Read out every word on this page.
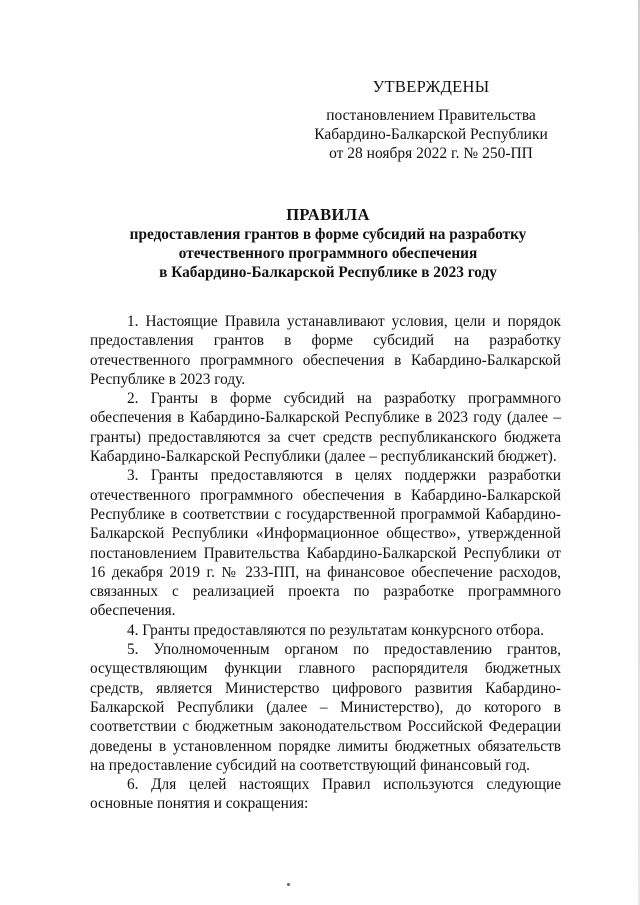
УТВЕРЖДЕНЫ
постановлением Правительства
Кабардино-Балкарской Республики
от 28 ноября 2022 г. № 250-ПП
ПРАВИЛА
предоставления грантов в форме субсидий на разработку
отечественного программного обеспечения
в Кабардино-Балкарской Республике в 2023 году

1. Настоящие Правила устанавливают условия, цели и порядок предоставления грантов в форме субсидий на разработку отечественного программного обеспечения в Кабардино-Балкарской Республике в 2023 году.

2. Гранты в форме субсидий на разработку программного обеспечения в Кабардино-Балкарской Республике в 2023 году (далее – гранты) предоставляются за счет средств республиканского бюджета Кабардино-Балкарской Республики (далее – республиканский бюджет).

3. Гранты предоставляются в целях поддержки разработки отечественного программного обеспечения в Кабардино-Балкарской Республике в соответствии с государственной программой Кабардино-Балкарской Республики «Информационное общество», утвержденной постановлением Правительства Кабардино-Балкарской Республики от 16 декабря 2019 г. № 233-ПП, на финансовое обеспечение расходов, связанных с реализацией проекта по разработке программного обеспечения.

4. Гранты предоставляются по результатам конкурсного отбора.

5. Уполномоченным органом по предоставлению грантов, осуществляющим функции главного распорядителя бюджетных средств, является Министерство цифрового развития Кабардино-Балкарской Республики (далее – Министерство), до которого в соответствии с бюджетным законодательством Российской Федерации доведены в установленном порядке лимиты бюджетных обязательств на предоставление субсидий на соответствующий финансовый год.

6. Для целей настоящих Правил используются следующие основные понятия и сокращения:
